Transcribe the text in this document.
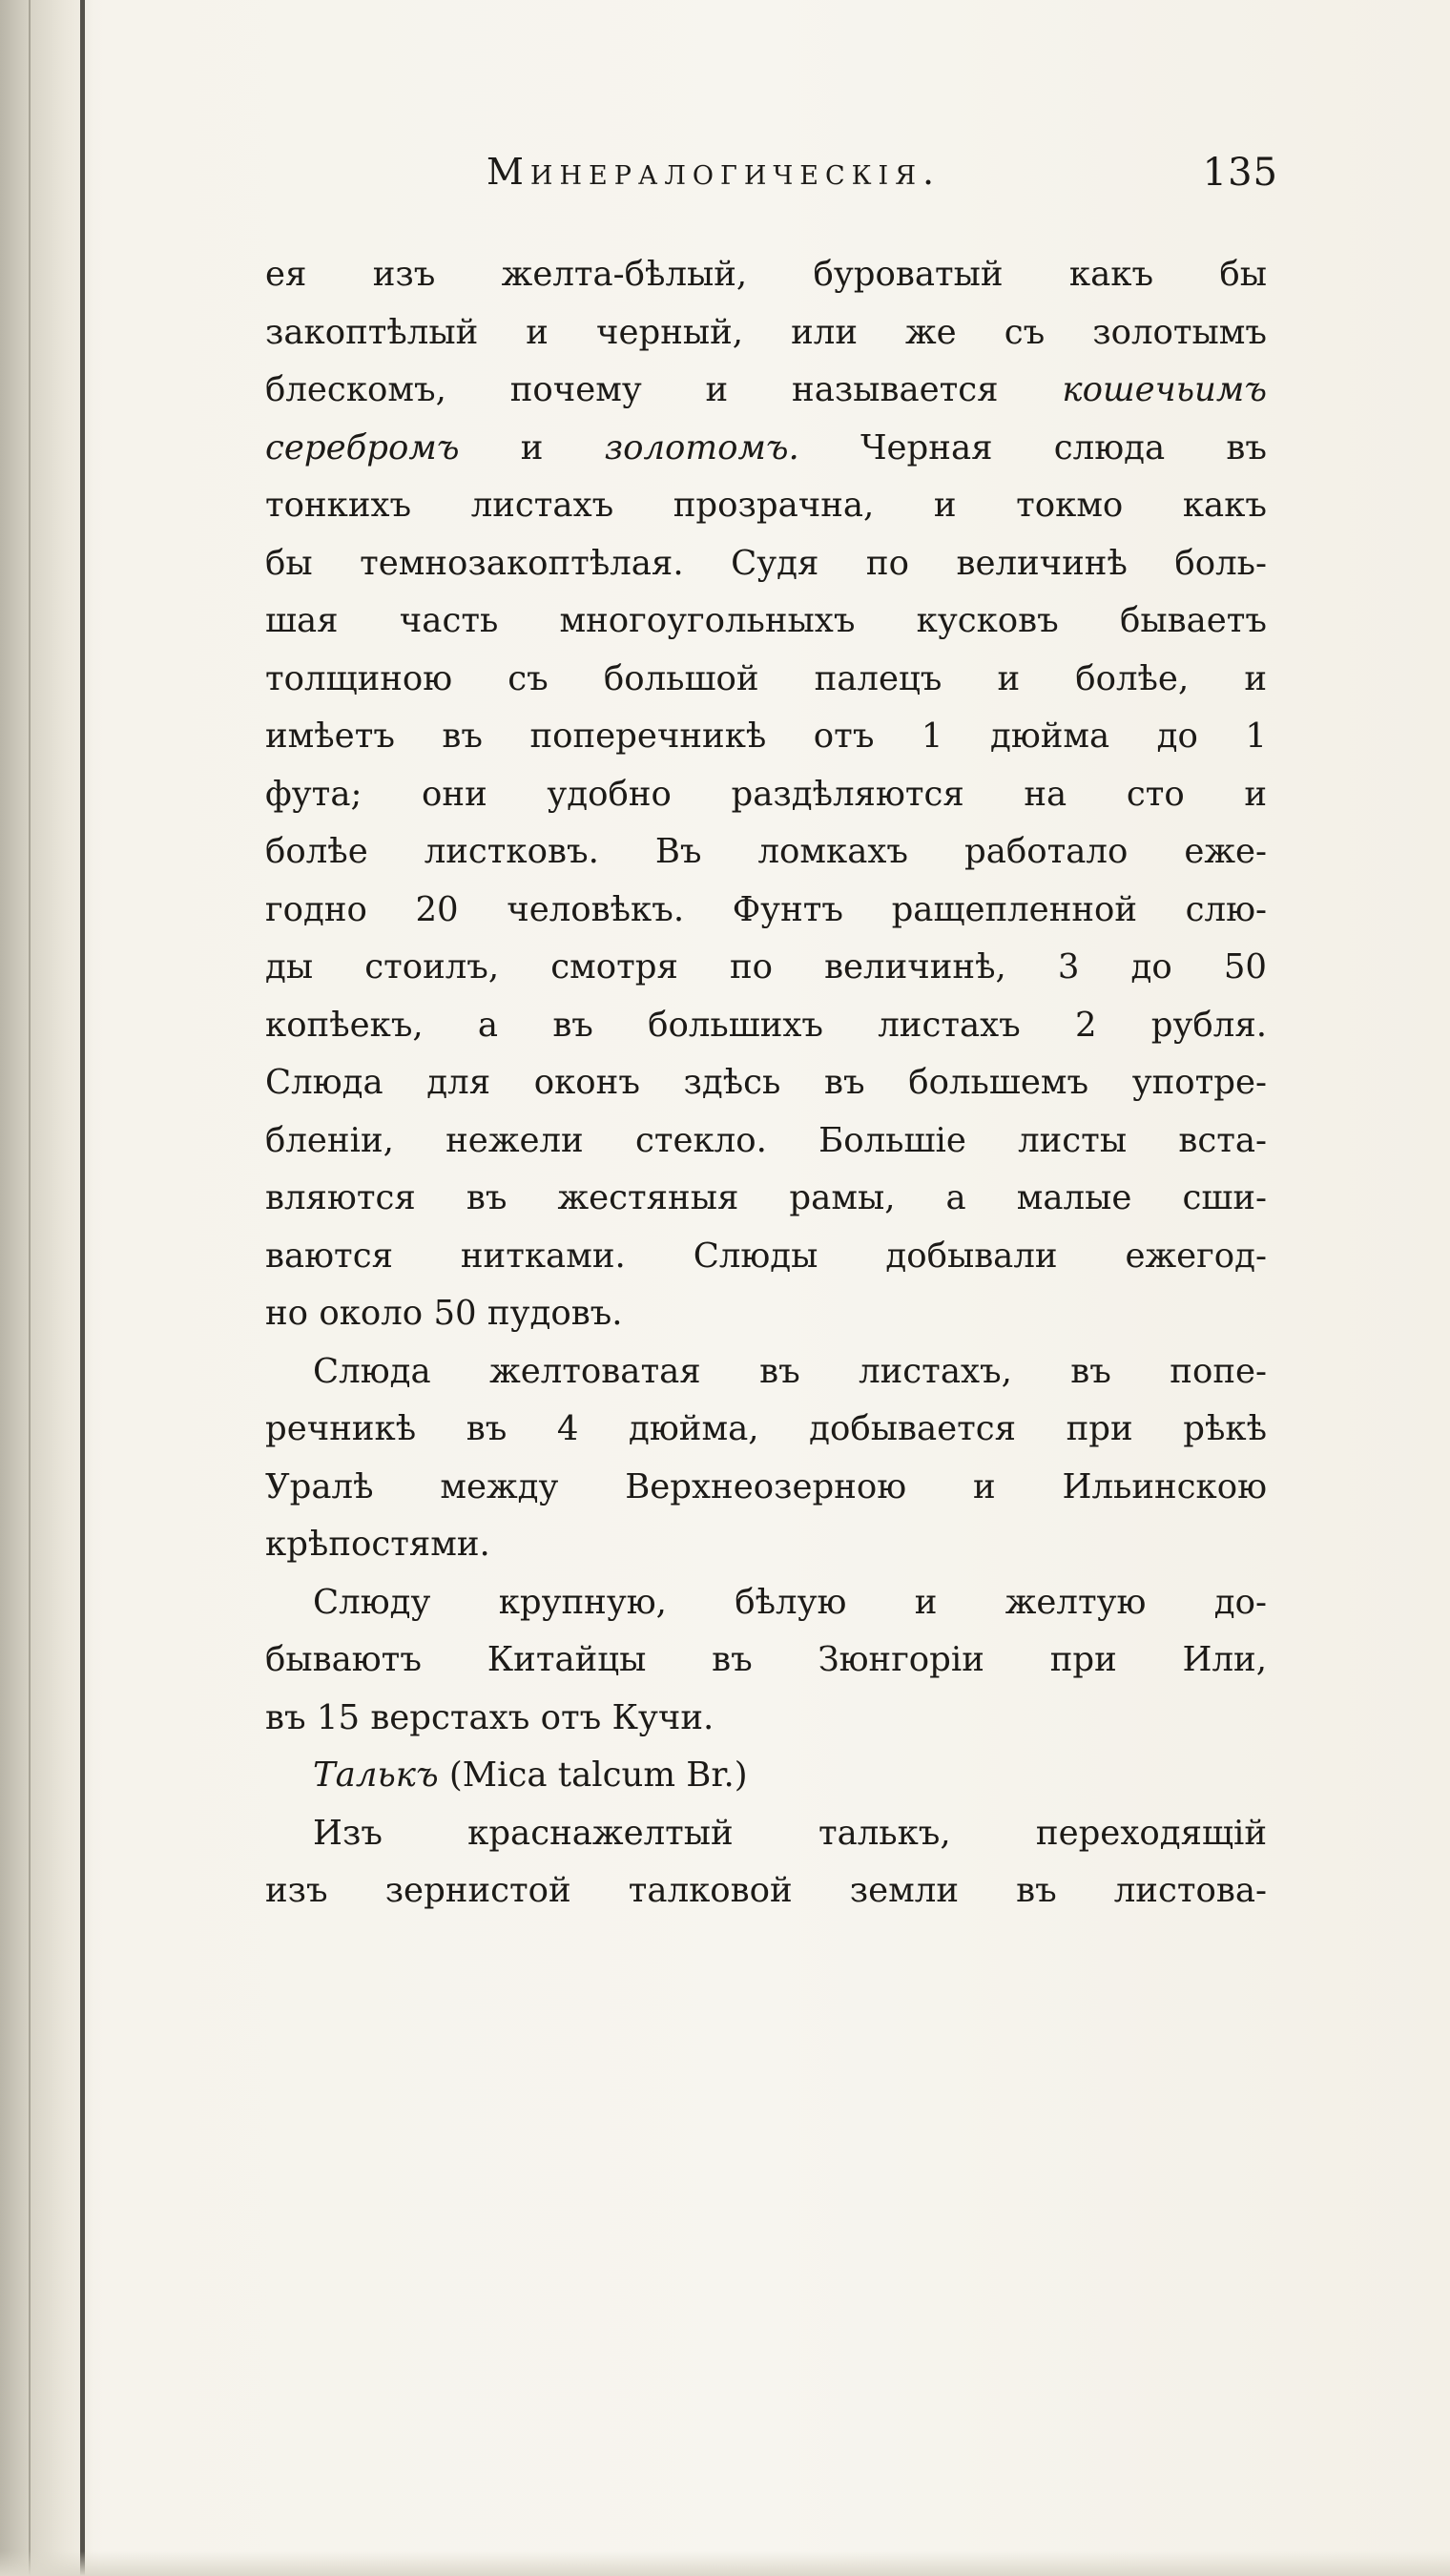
Минералогическія.	135
ея изъ желта-бѣлый, буроватый какъ бы
закоптѣлый и черный, или же съ золотымъ
блескомъ, почему и называется кошечьимъ
серебромъ и золотомъ. Черная слюда въ
тонкихъ листахъ прозрачна, и токмо какъ
бы темнозакоптѣлая. Судя по величинѣ боль-
шая часть многоугольныхъ кусковъ бываетъ
толщиною съ большой палецъ и болѣе, и
имѣетъ въ поперечникѣ отъ 1 дюйма до 1
фута; они удобно раздѣляются на сто и
болѣе листковъ. Въ ломкахъ работало еже-
годно 20 человѣкъ. Фунтъ ращепленной слю-
ды стоилъ, смотря по величинѣ, 3 до 50
копѣекъ, а въ большихъ листахъ 2 рубля.
Слюда для оконъ здѣсь въ большемъ употре-
бленіи, нежели стекло. Большіе листы вста-
вляются въ жестяныя рамы, а малые сши-
ваются нитками. Слюды добывали ежегод-
но около 50 пудовъ.
Слюда желтоватая въ листахъ, въ попе-
речникѣ въ 4 дюйма, добывается при рѣкѣ
Уралѣ между Верхнеозерною и Ильинскою
крѣпостями.
Слюду крупную, бѣлую и желтую до-
бываютъ Китайцы въ Зюнгоріи при Или,
въ 15 верстахъ отъ Кучи.
Талькъ (Mica talcum Br.)
Изъ краснажелтый талькъ, переходящій
изъ зернистой талковой земли въ листова-
